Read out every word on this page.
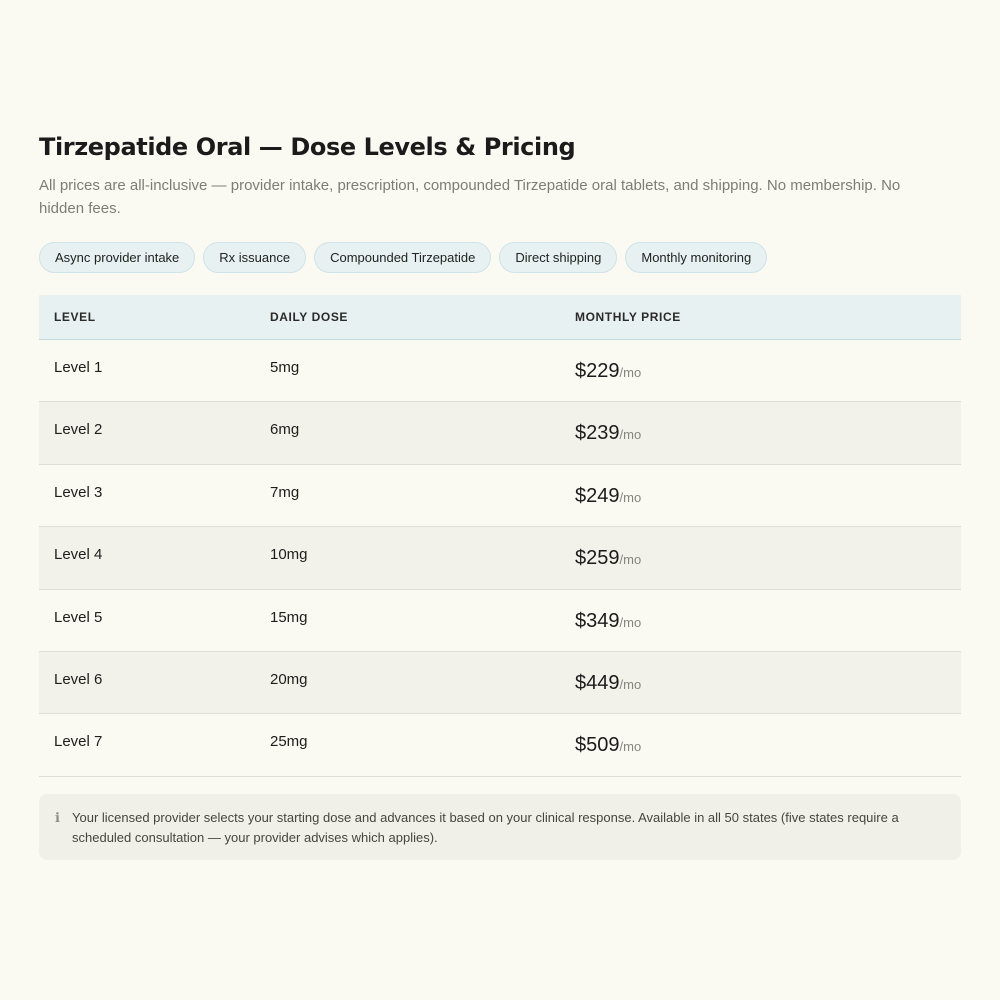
Tirzepatide Oral — Dose Levels & Pricing

All prices are all-inclusive — provider intake, prescription, compounded Tirzepatide oral tablets, and shipping. No membership. No hidden fees.

Async provider intake	Rx issuance	Compounded Tirzepatide	Direct shipping	Monthly monitoring
LEVEL	DAILY DOSE	MONTHLY PRICE
Level 1	5mg	$229/mo
Level 2	6mg	$239/mo
Level 3	7mg	$249/mo
Level 4	10mg	$259/mo
Level 5	15mg	$349/mo
Level 6	20mg	$449/mo
Level 7	25mg	$509/mo
ℹ Your licensed provider selects your starting dose and advances it based on your clinical response. Available in all 50 states (five states require a scheduled consultation — your provider advises which applies).
